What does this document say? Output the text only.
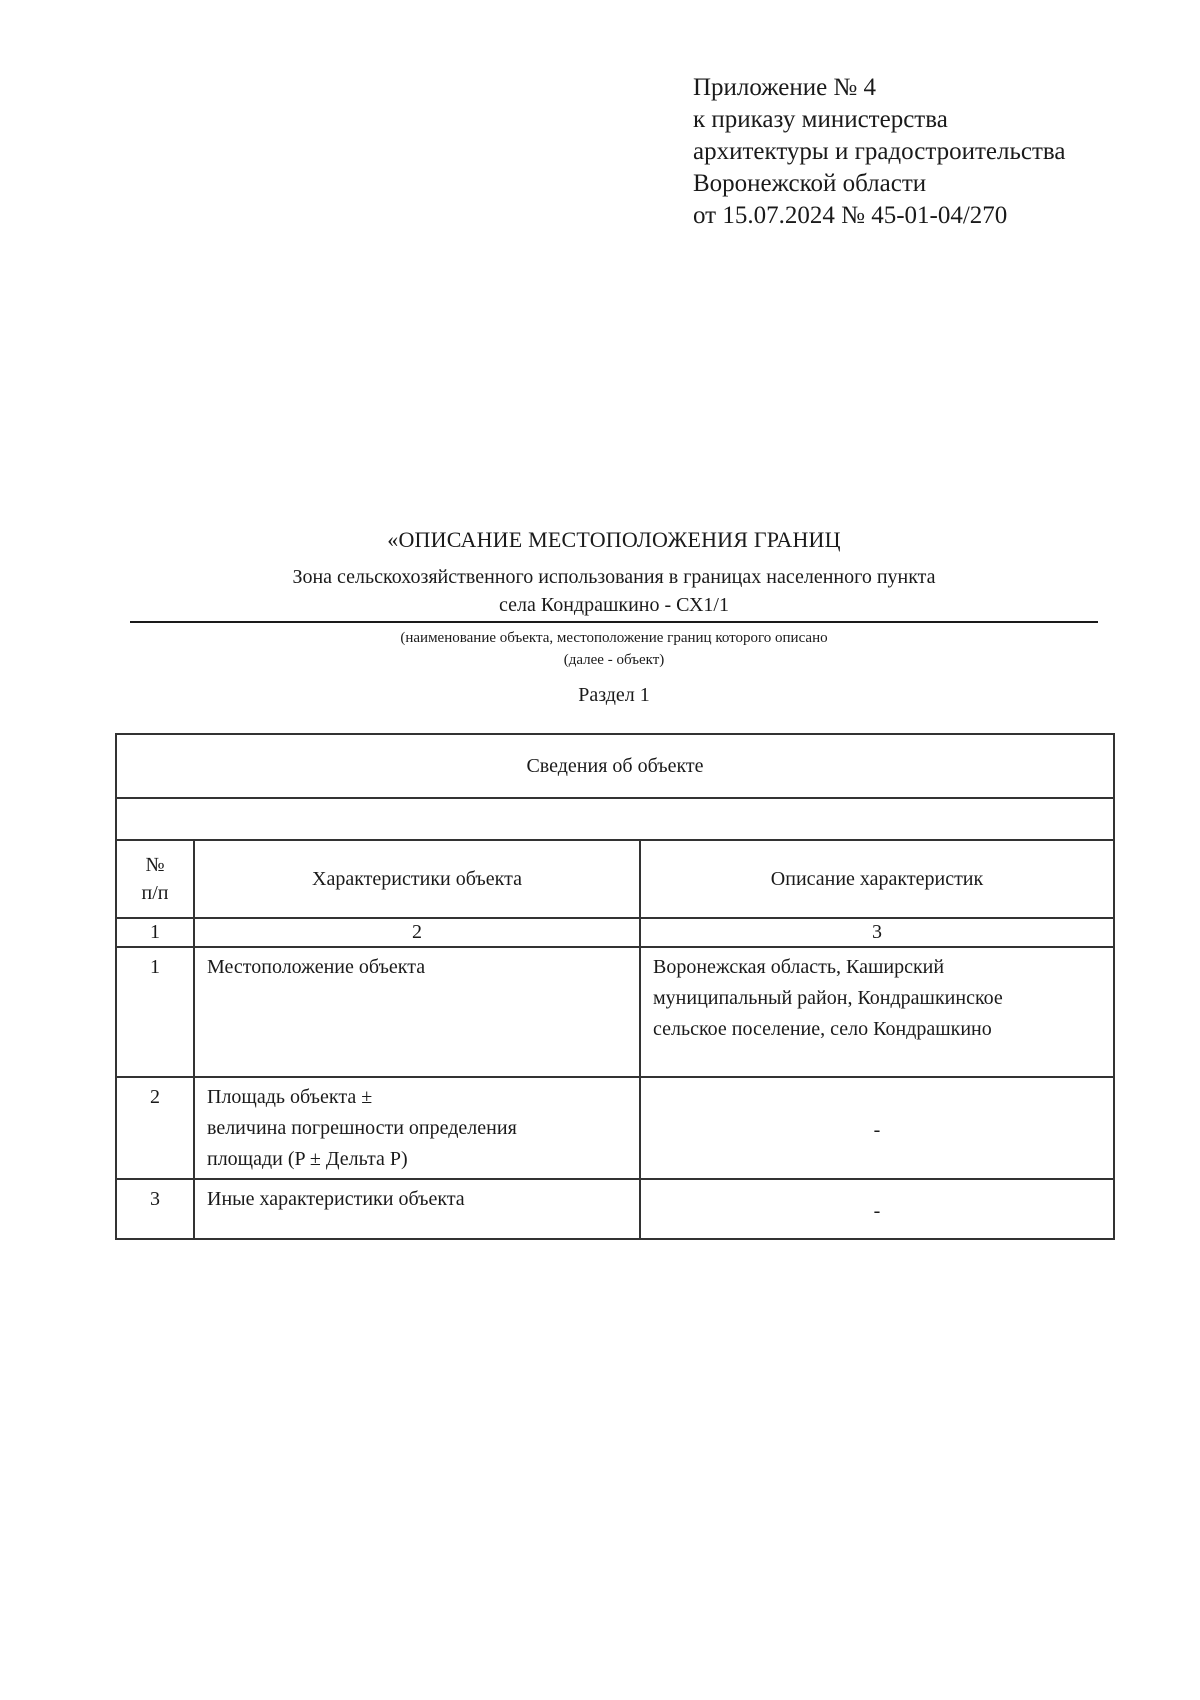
Приложение № 4
к приказу министерства
архитектуры и градостроительства
Воронежской области
от 15.07.2024 № 45-01-04/270
«ОПИСАНИЕ МЕСТОПОЛОЖЕНИЯ ГРАНИЦ
Зона сельскохозяйственного использования в границах населенного пункта
села Кондрашкино - СХ1/1
(наименование объекта, местоположение границ которого описано
(далее - объект)
Раздел 1
Сведения об объекте		

№
п/п	Характеристики объекта	Описание характеристик
1	2	3
1	Местоположение объекта	Воронежская область, Каширский
муниципальный район, Кондрашкинское
сельское поселение, село Кондрашкино

2	Площадь объекта ±
величина погрешности определения
площади (P ± Дельта P)	-

3	Иные характеристики объекта	-
